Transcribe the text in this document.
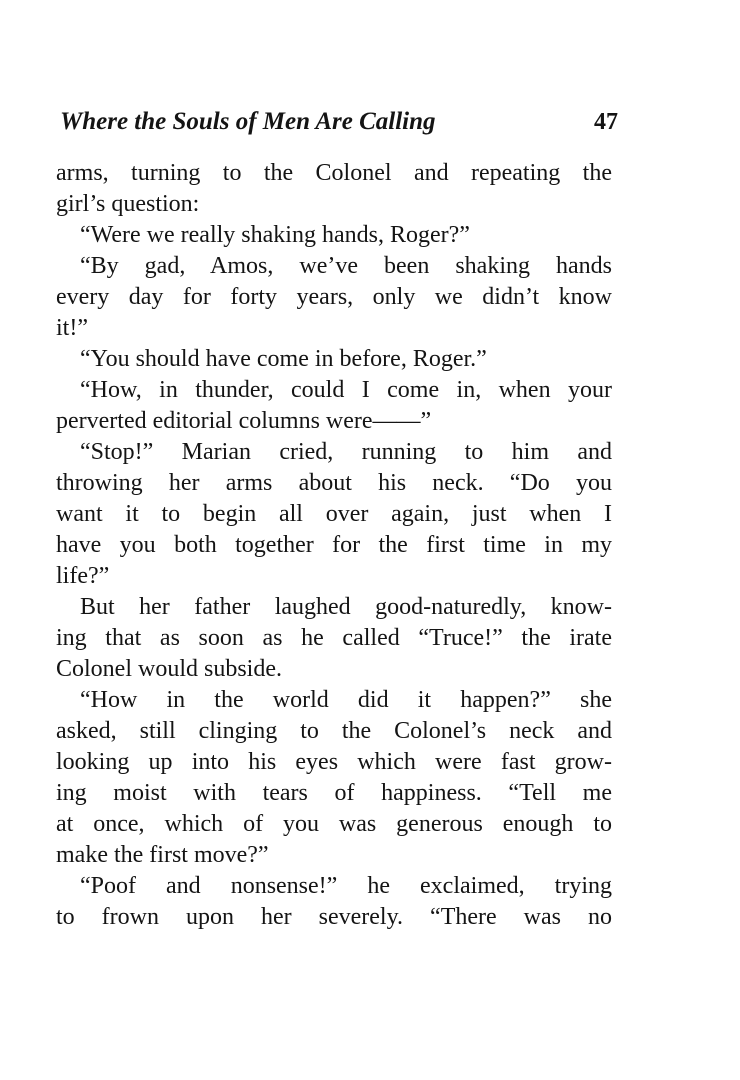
Where the Souls of Men Are Calling	47
arms, turning to the Colonel and repeating the
girl’s question:
“Were we really shaking hands, Roger?”
“By gad, Amos, we’ve been shaking hands
every day for forty years, only we didn’t know
it!”
“You should have come in before, Roger.”
“How, in thunder, could I come in, when your
perverted editorial columns were——”
“Stop!” Marian cried, running to him and
throwing her arms about his neck. “Do you
want it to begin all over again, just when I
have you both together for the first time in my
life?”
But her father laughed good-naturedly, know-
ing that as soon as he called “Truce!” the irate
Colonel would subside.
“How in the world did it happen?” she
asked, still clinging to the Colonel’s neck and
looking up into his eyes which were fast grow-
ing moist with tears of happiness. “Tell me
at once, which of you was generous enough to
make the first move?”
“Poof and nonsense!” he exclaimed, trying
to frown upon her severely. “There was no
